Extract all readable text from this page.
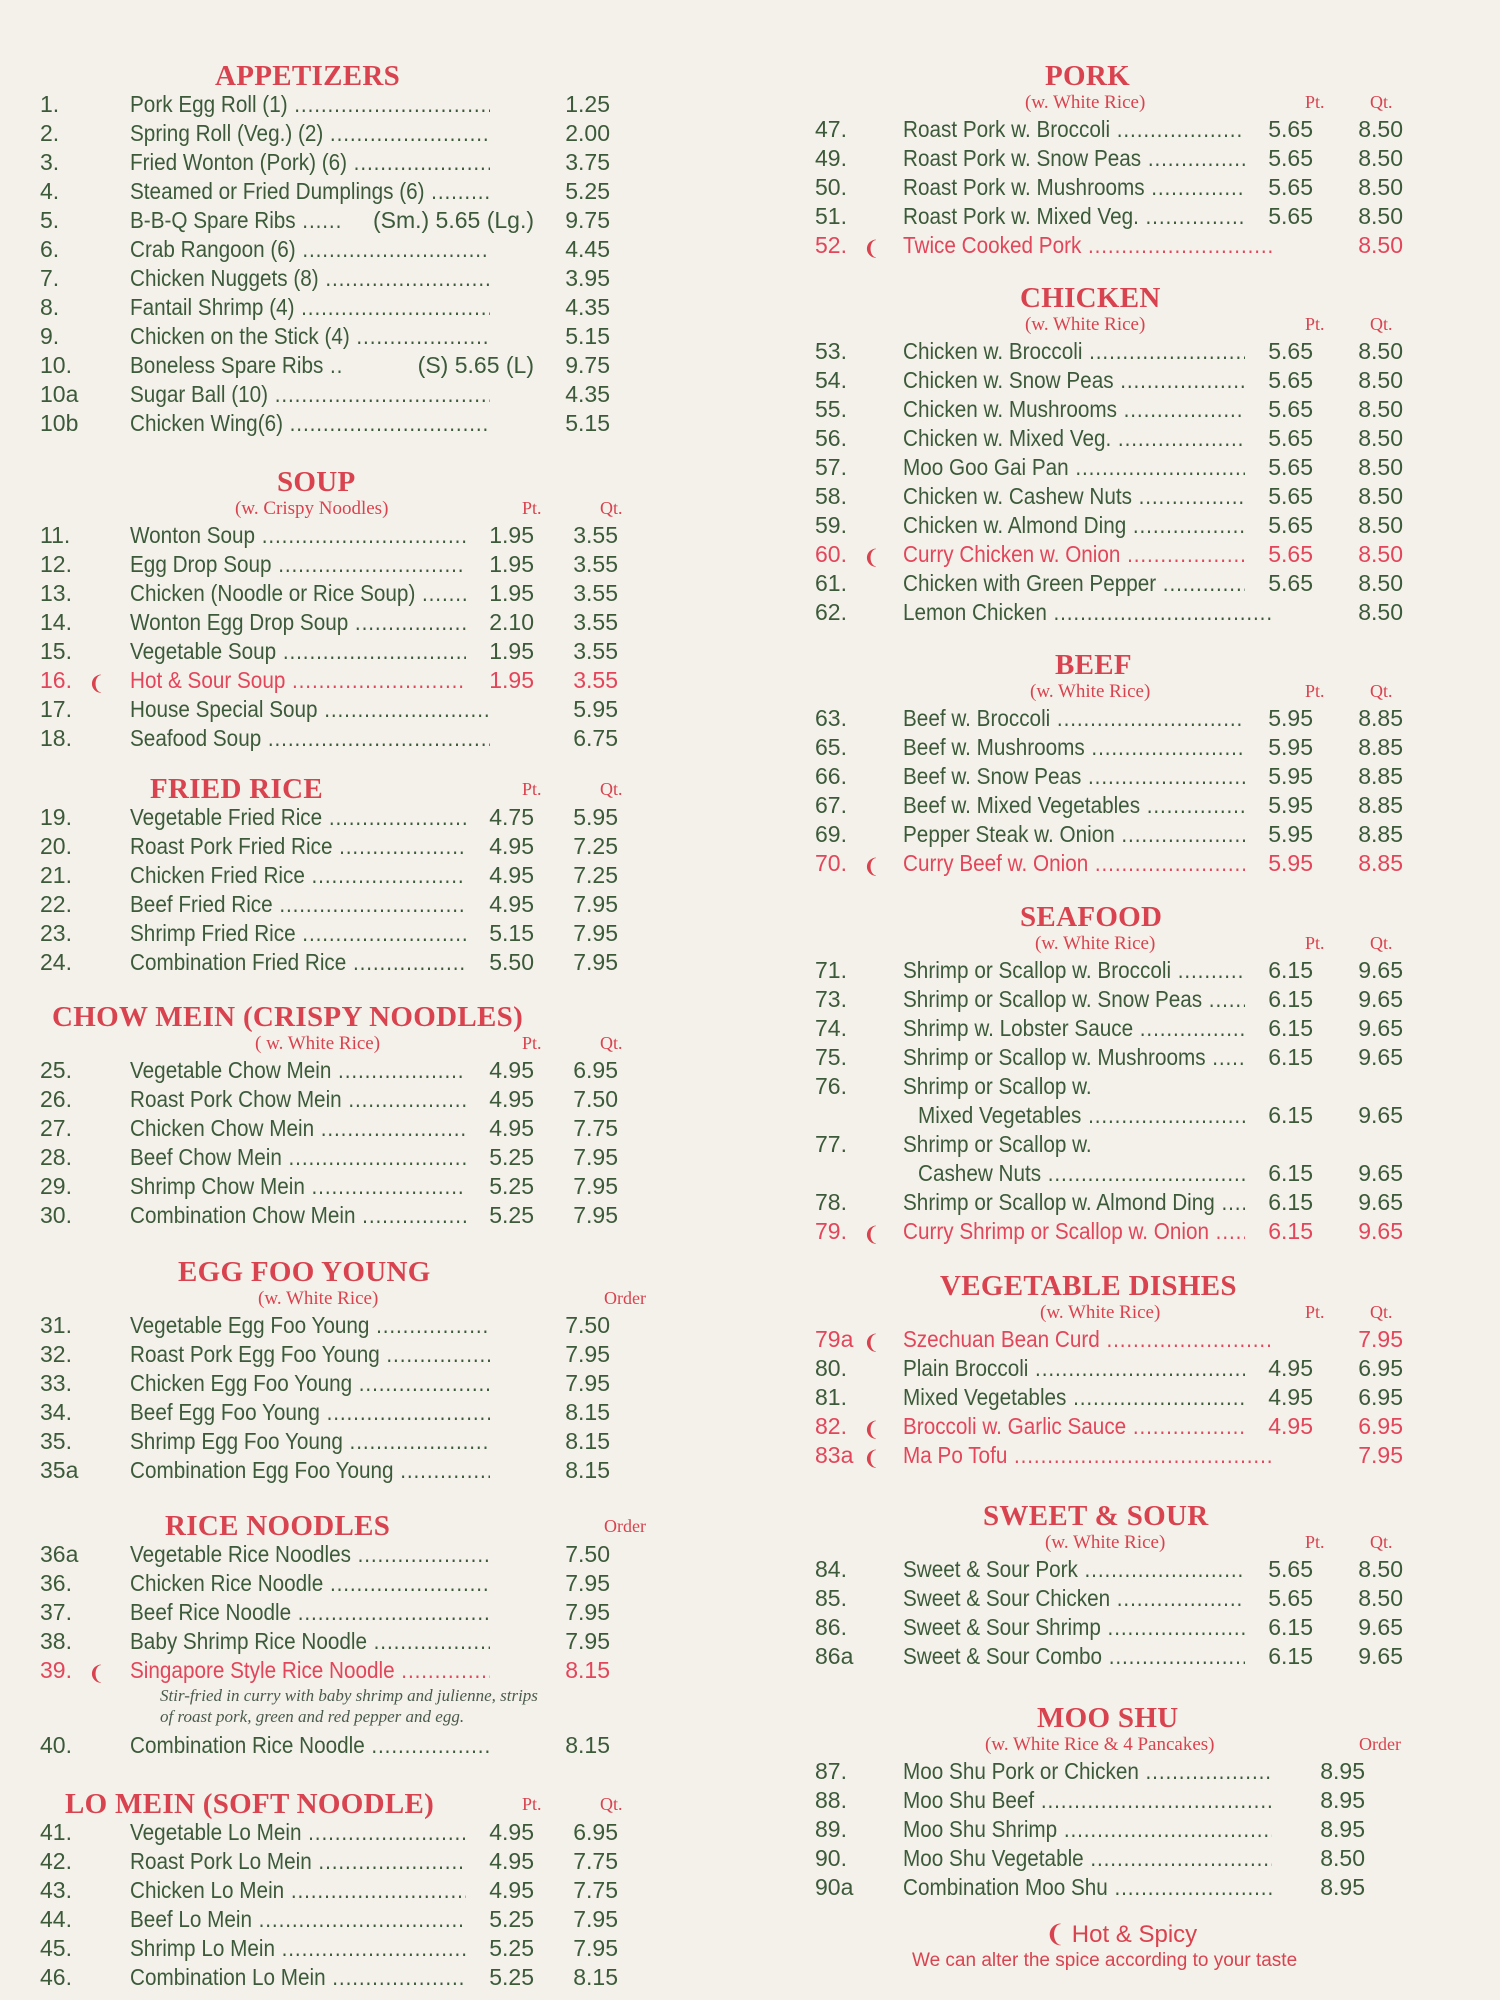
APPETIZERS
1.	Pork Egg Roll (1) .....	1.25
2.	Spring Roll (Veg.) (2) .....	2.00
3.	Fried Wonton (Pork) (6) .....	3.75
4.	Steamed or Fried Dumplings (6) .....	5.25
5.	B-B-Q Spare Ribs .....	(Sm.) 5.65 (Lg.)	9.75
6.	Crab Rangoon (6) .....	4.45
7.	Chicken Nuggets (8) .....	3.95
8.	Fantail Shrimp (4) .....	4.35
9.	Chicken on the Stick (4) .....	5.15
10.	Boneless Spare Ribs .....	(S) 5.65 (L)	9.75
10a	Sugar Ball (10) .....	4.35
10b	Chicken Wing(6) .....	5.15
SOUP
(w. Crispy Noodles)	Pt.	Qt.
11.	Wonton Soup .....	1.95	3.55
12.	Egg Drop Soup .....	1.95	3.55
13.	Chicken (Noodle or Rice Soup) .....	1.95	3.55
14.	Wonton Egg Drop Soup .....	2.10	3.55
15.	Vegetable Soup .....	1.95	3.55
16. ❨ Hot & Sour Soup .....	1.95	3.55
17.	House Special Soup .....	5.95
18.	Seafood Soup .....	6.75
FRIED RICE	Pt.	Qt.
19.	Vegetable Fried Rice .....	4.75	5.95
20.	Roast Pork Fried Rice .....	4.95	7.25
21.	Chicken Fried Rice .....	4.95	7.25
22.	Beef Fried Rice .....	4.95	7.95
23.	Shrimp Fried Rice .....	5.15	7.95
24.	Combination Fried Rice .....	5.50	7.95
CHOW MEIN (CRISPY NOODLES)
( w. White Rice)	Pt.	Qt.
25.	Vegetable Chow Mein .....	4.95	6.95
26.	Roast Pork Chow Mein .....	4.95	7.50
27.	Chicken Chow Mein .....	4.95	7.75
28.	Beef Chow Mein .....	5.25	7.95
29.	Shrimp Chow Mein .....	5.25	7.95
30.	Combination Chow Mein .....	5.25	7.95
EGG FOO YOUNG
(w. White Rice)	Order
31.	Vegetable Egg Foo Young .....	7.50
32.	Roast Pork Egg Foo Young .....	7.95
33.	Chicken Egg Foo Young .....	7.95
34.	Beef Egg Foo Young .....	8.15
35.	Shrimp Egg Foo Young .....	8.15
35a	Combination Egg Foo Young .....	8.15
RICE NOODLES	Order
36a	Vegetable Rice Noodles .....	7.50
36.	Chicken Rice Noodle .....	7.95
37.	Beef Rice Noodle .....	7.95
38.	Baby Shrimp Rice Noodle .....	7.95
39. ❨ Singapore Style Rice Noodle .....	8.15
Stir-fried in curry with baby shrimp and julienne, strips
of roast pork, green and red pepper and egg.
40.	Combination Rice Noodle .....	8.15
LO MEIN (SOFT NOODLE)	Pt.	Qt.
41.	Vegetable Lo Mein .....	4.95	6.95
42.	Roast Pork Lo Mein .....	4.95	7.75
43.	Chicken Lo Mein .....	4.95	7.75
44.	Beef Lo Mein .....	5.25	7.95
45.	Shrimp Lo Mein .....	5.25	7.95
46.	Combination Lo Mein .....	5.25	8.15
PORK
(w. White Rice)	Pt.	Qt.
47.	Roast Pork w. Broccoli .....	5.65	8.50
49.	Roast Pork w. Snow Peas .....	5.65	8.50
50.	Roast Pork w. Mushrooms .....	5.65	8.50
51.	Roast Pork w. Mixed Veg. .....	5.65	8.50
52. ❨ Twice Cooked Pork .....	8.50
CHICKEN
(w. White Rice)	Pt.	Qt.
53.	Chicken w. Broccoli .....	5.65	8.50
54.	Chicken w. Snow Peas .....	5.65	8.50
55.	Chicken w. Mushrooms .....	5.65	8.50
56.	Chicken w. Mixed Veg. .....	5.65	8.50
57.	Moo Goo Gai Pan .....	5.65	8.50
58.	Chicken w. Cashew Nuts .....	5.65	8.50
59.	Chicken w. Almond Ding .....	5.65	8.50
60. ❨ Curry Chicken w. Onion .....	5.65	8.50
61.	Chicken with Green Pepper .....	5.65	8.50
62.	Lemon Chicken .....	8.50
BEEF
(w. White Rice)	Pt.	Qt.
63.	Beef w. Broccoli .....	5.95	8.85
65.	Beef w. Mushrooms .....	5.95	8.85
66.	Beef w. Snow Peas .....	5.95	8.85
67.	Beef w. Mixed Vegetables .....	5.95	8.85
69.	Pepper Steak w. Onion .....	5.95	8.85
70. ❨ Curry Beef w. Onion .....	5.95	8.85
SEAFOOD
(w. White Rice)	Pt.	Qt.
71.	Shrimp or Scallop w. Broccoli .....	6.15	9.65
73.	Shrimp or Scallop w. Snow Peas .....	6.15	9.65
74.	Shrimp w. Lobster Sauce .....	6.15	9.65
75.	Shrimp or Scallop w. Mushrooms .....	6.15	9.65
76.	Shrimp or Scallop w.
Mixed Vegetables .....	6.15	9.65
77.	Shrimp or Scallop w.
Cashew Nuts .....	6.15	9.65
78.	Shrimp or Scallop w. Almond Ding .....	6.15	9.65
79. ❨ Curry Shrimp or Scallop w. Onion .....	6.15	9.65
VEGETABLE DISHES
(w. White Rice)	Pt.	Qt.
79a ❨ Szechuan Bean Curd .....	7.95
80.	Plain Broccoli .....	4.95	6.95
81.	Mixed Vegetables .....	4.95	6.95
82. ❨ Broccoli w. Garlic Sauce .....	4.95	6.95
83a ❨ Ma Po Tofu .....	7.95
SWEET & SOUR
(w. White Rice)	Pt.	Qt.
84.	Sweet & Sour Pork .....	5.65	8.50
85.	Sweet & Sour Chicken .....	5.65	8.50
86.	Sweet & Sour Shrimp .....	6.15	9.65
86a	Sweet & Sour Combo .....	6.15	9.65
MOO SHU
(w. White Rice & 4 Pancakes)	Order
87.	Moo Shu Pork or Chicken .....	8.95
88.	Moo Shu Beef .....	8.95
89.	Moo Shu Shrimp .....	8.95
90.	Moo Shu Vegetable .....	8.50
90a	Combination Moo Shu .....	8.95
❨ Hot & Spicy
We can alter the spice according to your taste
